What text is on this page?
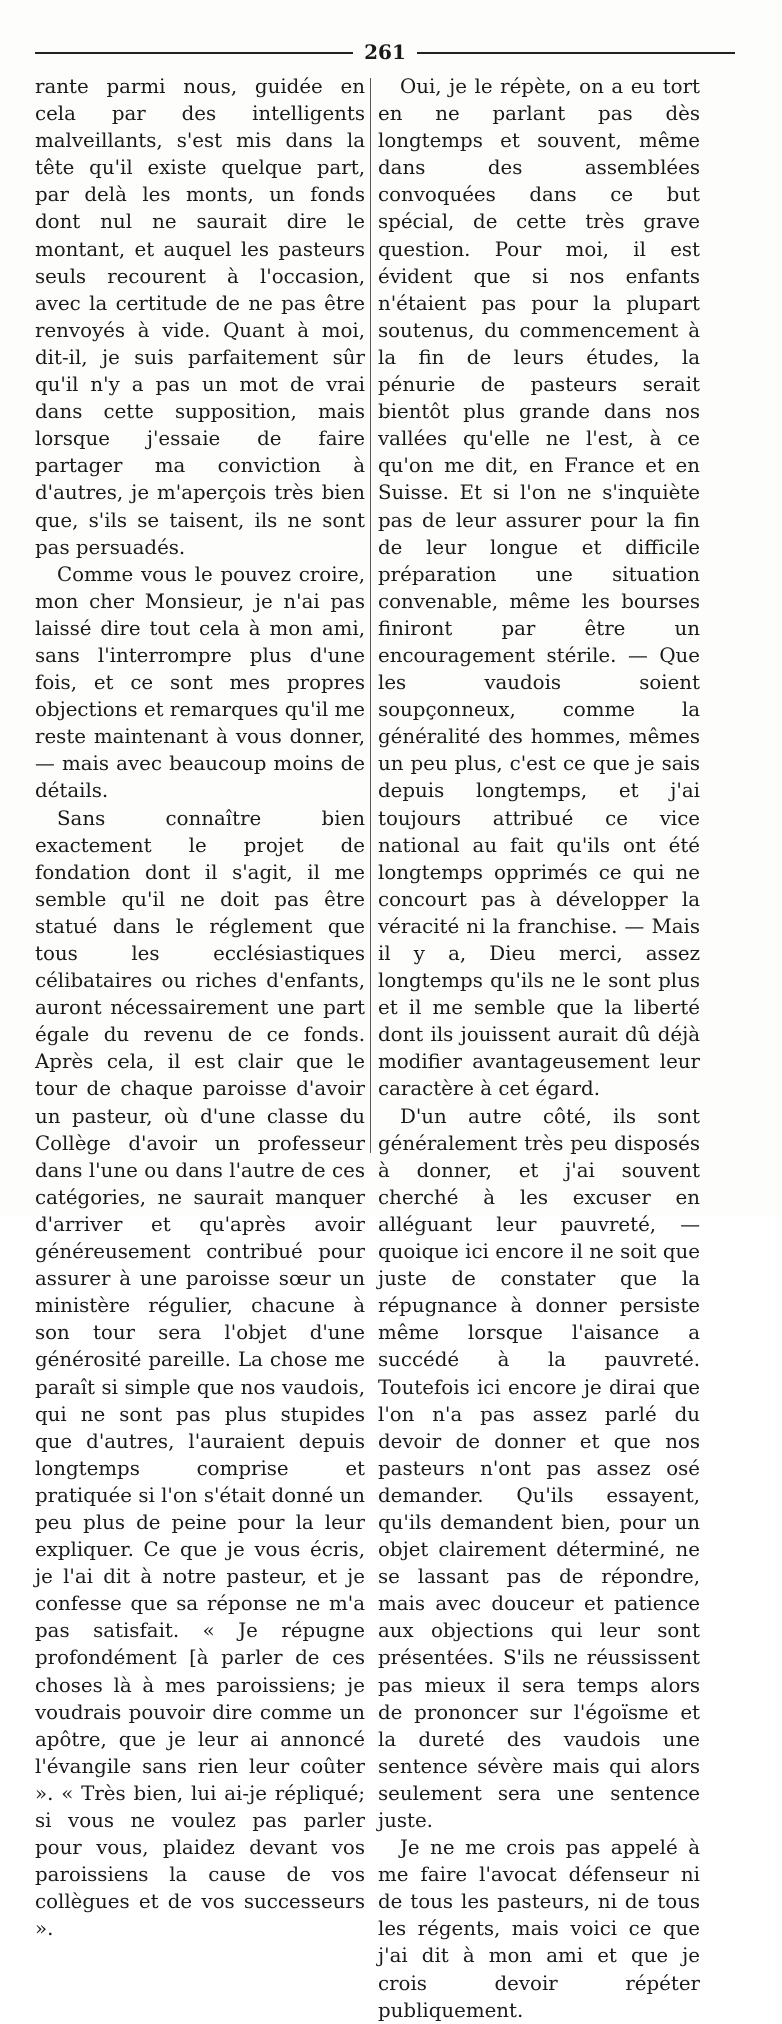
261

rante parmi nous, guidée en cela par des intelligents malveillants, s'est mis dans la tête qu'il existe quelque part, par delà les monts, un fonds dont nul ne saurait dire le montant, et auquel les pasteurs seuls recourent à l'occasion, avec la certitude de ne pas être renvoyés à vide. Quant à moi, dit-il, je suis parfaitement sûr qu'il n'y a pas un mot de vrai dans cette supposition, mais lorsque j'essaie de faire partager ma conviction à d'autres, je m'aperçois très bien que, s'ils se taisent, ils ne sont pas persuadés.

Comme vous le pouvez croire, mon cher Monsieur, je n'ai pas laissé dire tout cela à mon ami, sans l'interrompre plus d'une fois, et ce sont mes propres objections et remarques qu'il me reste maintenant à vous donner, — mais avec beaucoup moins de détails.

Sans connaître bien exactement le projet de fondation dont il s'agit, il me semble qu'il ne doit pas être statué dans le réglement que tous les ecclésiastiques célibataires ou riches d'enfants, auront nécessairement une part égale du revenu de ce fonds. Après cela, il est clair que le tour de chaque paroisse d'avoir un pasteur, où d'une classe du Collège d'avoir un professeur dans l'une ou dans l'autre de ces catégories, ne saurait manquer d'arriver et qu'après avoir généreusement contribué pour assurer à une paroisse sœur un ministère régulier, chacune à son tour sera l'objet d'une générosité pareille. La chose me paraît si simple que nos vaudois, qui ne sont pas plus stupides que d'autres, l'auraient depuis longtemps comprise et pratiquée si l'on s'était donné un peu plus de peine pour la leur expliquer. Ce que je vous écris, je l'ai dit à notre pasteur, et je confesse que sa réponse ne m'a pas satisfait. « Je répugne profondément [à parler de ces choses là à mes paroissiens; je voudrais pouvoir dire comme un apôtre, que je leur ai annoncé l'évangile sans rien leur coûter ». « Très bien, lui ai-je répliqué; si vous ne voulez pas parler pour vous, plaidez devant vos paroissiens la cause de vos collègues et de vos successeurs ».

Oui, je le répète, on a eu tort en ne parlant pas dès longtemps et souvent, même dans des assemblées convoquées dans ce but spécial, de cette très grave question. Pour moi, il est évident que si nos enfants n'étaient pas pour la plupart soutenus, du commencement à la fin de leurs études, la pénurie de pasteurs serait bientôt plus grande dans nos vallées qu'elle ne l'est, à ce qu'on me dit, en France et en Suisse. Et si l'on ne s'inquiète pas de leur assurer pour la fin de leur longue et difficile préparation une situation convenable, même les bourses finiront par être un encouragement stérile. — Que les vaudois soient soupçonneux, comme la généralité des hommes, mêmes un peu plus, c'est ce que je sais depuis longtemps, et j'ai toujours attribué ce vice national au fait qu'ils ont été longtemps opprimés ce qui ne concourt pas à développer la véracité ni la franchise. — Mais il y a, Dieu merci, assez longtemps qu'ils ne le sont plus et il me semble que la liberté dont ils jouissent aurait dû déjà modifier avantageusement leur caractère à cet égard.

D'un autre côté, ils sont généralement très peu disposés à donner, et j'ai souvent cherché à les excuser en alléguant leur pauvreté, — quoique ici encore il ne soit que juste de constater que la répugnance à donner persiste même lorsque l'aisance a succédé à la pauvreté. Toutefois ici encore je dirai que l'on n'a pas assez parlé du devoir de donner et que nos pasteurs n'ont pas assez osé demander. Qu'ils essayent, qu'ils demandent bien, pour un objet clairement déterminé, ne se lassant pas de répondre, mais avec douceur et patience aux objections qui leur sont présentées. S'ils ne réussissent pas mieux il sera temps alors de prononcer sur l'égoïsme et la dureté des vaudois une sentence sévère mais qui alors seulement sera une sentence juste.

Je ne me crois pas appelé à me faire l'avocat défenseur ni de tous les pasteurs, ni de tous les régents, mais voici ce que j'ai dit à mon ami et que je crois devoir répéter publiquement.
